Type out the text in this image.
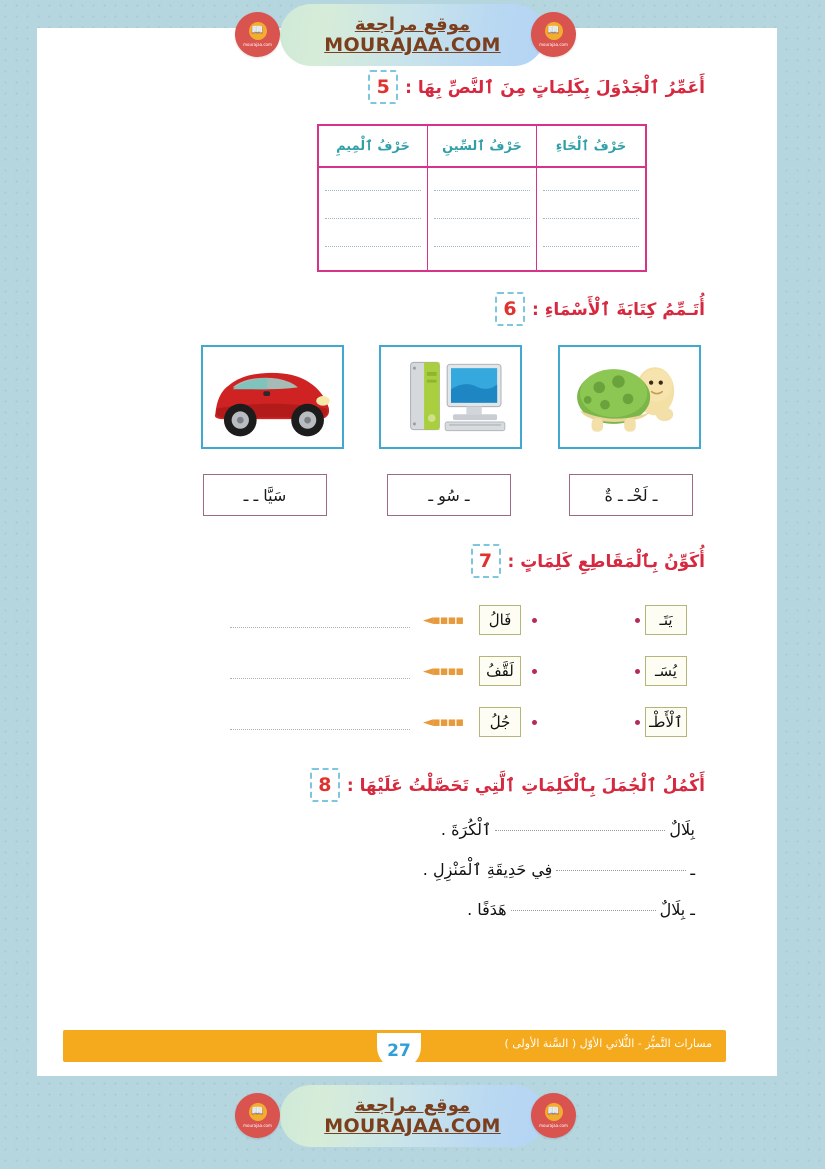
📖
mourajaa.com
📖
mourajaa.com
موقع مراجعة
MOURAJAA.COM
5 أَعَمِّرُ ٱلْجَدْوَلَ بِكَلِمَاتٍ مِنَ ٱلنَّصِّ بِهَا :
حَرْفُ ٱلْحَاءِ
حَرْفُ ٱلسِّينِ
حَرْفُ ٱلْمِيمِ
6 أُتَـمِّمُ كِتَابَةَ ٱلْأَسْمَاءِ :
ـ لَحْـ ـ ةٌ
ـ سُو ـ
سَيَّا ـ ـ
7 أُكَوِّنُ بِٱلْمَقَاطِعِ كَلِمَاتٍ :
يَتَـ
فَالُ
◄▪▪▪▪
يُسَـ
لَقَّفُ
◄▪▪▪▪
ٱلْأَطْـ
جُلُ
◄▪▪▪▪
8 أَكْمُلُ ٱلْجُمَلَ بِٱلْكَلِمَاتِ ٱلَّتِي تَحَصَّلْتُ عَلَيْهَا :
بِلَالٌ
ٱلْكُرَةَ .
ـ
فِي حَدِيقَةِ ٱلْمَنْزِلِ .
ـ بِلَالٌ
هَدَفًا .
مسارات التَّميُّز - الثُّلاثي الأوّل ( السَّنة الأولى )
27
📖
mourajaa.com
📖
mourajaa.com
موقع مراجعة
MOURAJAA.COM
